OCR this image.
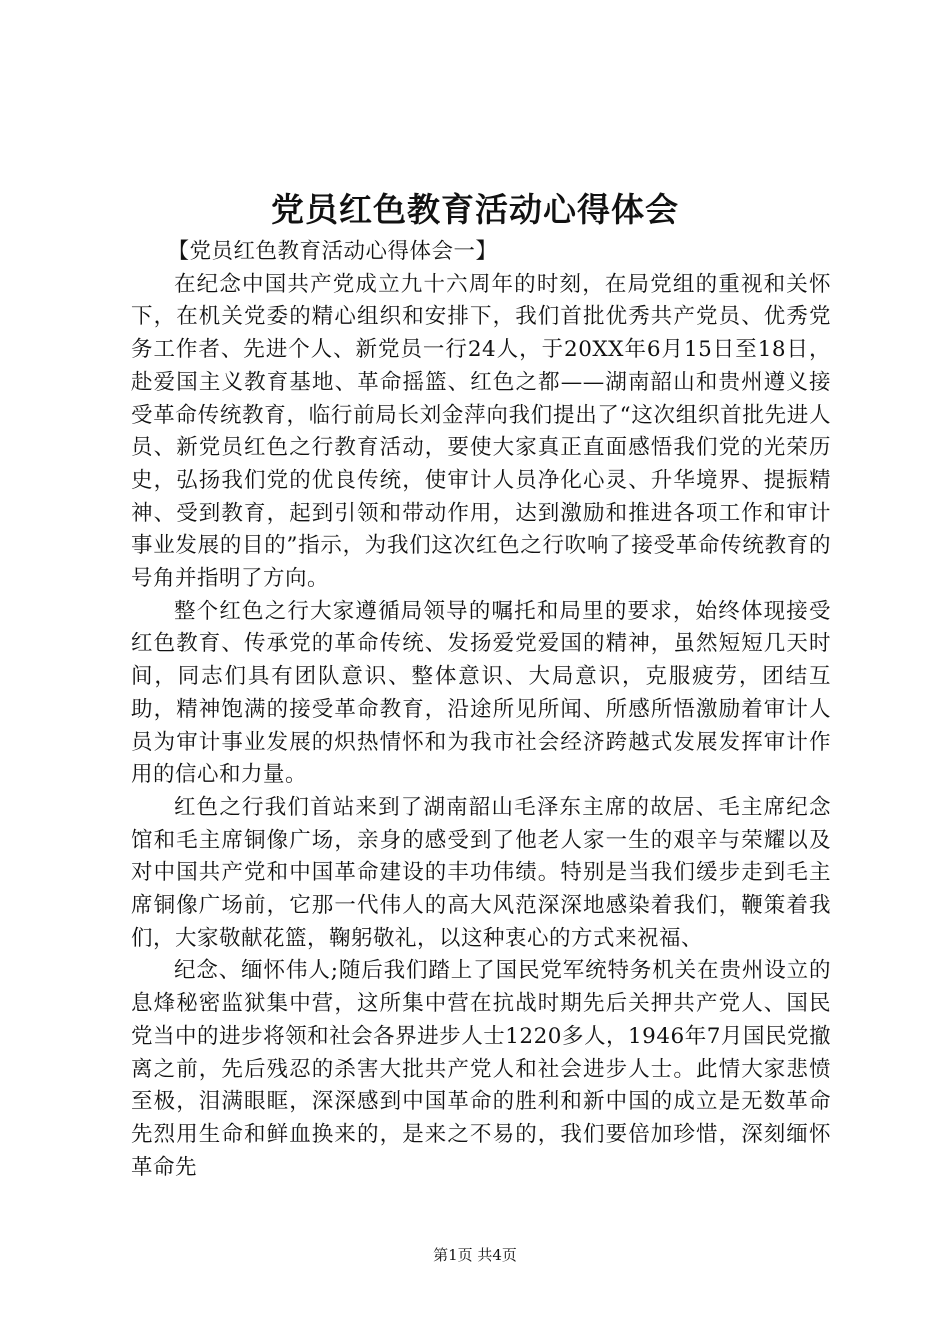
党员红色教育活动心得体会

【党员红色教育活动心得体会一】

在纪念中国共产党成立九十六周年的时刻，在局党组的重视和关怀下，在机关党委的精心组织和安排下，我们首批优秀共产党员、优秀党务工作者、先进个人、新党员一行24人，于20XX年6月15日至18日，赴爱国主义教育基地、革命摇篮、红色之都——湖南韶山和贵州遵义接受革命传统教育，临行前局长刘金萍向我们提出了“这次组织首批先进人员、新党员红色之行教育活动，要使大家真正直面感悟我们党的光荣历史，弘扬我们党的优良传统，使审计人员净化心灵、升华境界、提振精神、受到教育，起到引领和带动作用，达到激励和推进各项工作和审计事业发展的目的”指示，为我们这次红色之行吹响了接受革命传统教育的号角并指明了方向。

整个红色之行大家遵循局领导的嘱托和局里的要求，始终体现接受红色教育、传承党的革命传统、发扬爱党爱国的精神，虽然短短几天时间，同志们具有团队意识、整体意识、大局意识，克服疲劳，团结互助，精神饱满的接受革命教育，沿途所见所闻、所感所悟激励着审计人员为审计事业发展的炽热情怀和为我市社会经济跨越式发展发挥审计作用的信心和力量。

红色之行我们首站来到了湖南韶山毛泽东主席的故居、毛主席纪念馆和毛主席铜像广场，亲身的感受到了他老人家一生的艰辛与荣耀以及对中国共产党和中国革命建设的丰功伟绩。特别是当我们缓步走到毛主席铜像广场前，它那一代伟人的高大风范深深地感染着我们，鞭策着我们，大家敬献花篮，鞠躬敬礼，以这种衷心的方式来祝福、

纪念、缅怀伟人;随后我们踏上了国民党军统特务机关在贵州设立的息烽秘密监狱集中营，这所集中营在抗战时期先后关押共产党人、国民党当中的进步将领和社会各界进步人士1220多人，1946年7月国民党撤离之前，先后残忍的杀害大批共产党人和社会进步人士。此情大家悲愤至极，泪满眼眶，深深感到中国革命的胜利和新中国的成立是无数革命先烈用生命和鲜血换来的，是来之不易的，我们要倍加珍惜，深刻缅怀革命先

第1页 共4页
